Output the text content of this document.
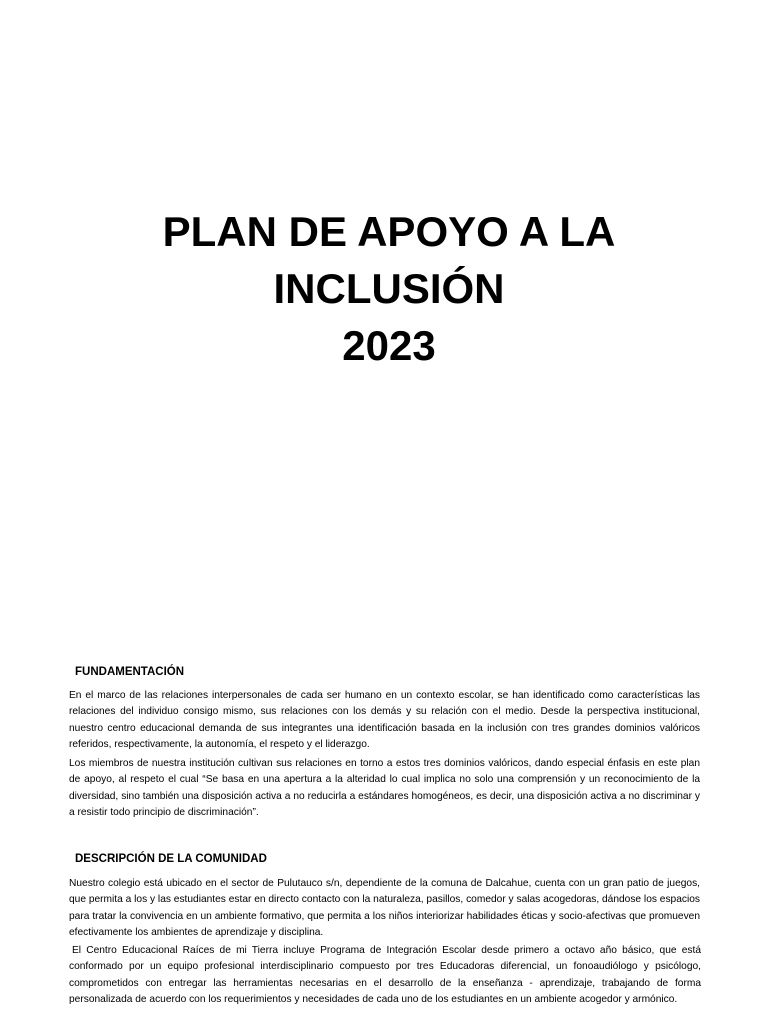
PLAN DE APOYO A LA
INCLUSIÓN
2023
FUNDAMENTACIÓN

En el marco de las relaciones interpersonales de cada ser humano en un contexto escolar, se han identificado como características las relaciones del individuo consigo mismo, sus relaciones con los demás y su relación con el medio. Desde la perspectiva institucional, nuestro centro educacional demanda de sus integrantes una identificación basada en la inclusión con tres grandes dominios valóricos referidos, respectivamente, la autonomía, el respeto y el liderazgo.

Los miembros de nuestra institución cultivan sus relaciones en torno a estos tres dominios valóricos, dando especial énfasis en este plan de apoyo, al respeto el cual “Se basa en una apertura a la alteridad lo cual implica no solo una comprensión y un reconocimiento de la diversidad, sino también una disposición activa a no reducirla a estándares homogéneos, es decir, una disposición activa a no discriminar y a resistir todo principio de discriminación”.

DESCRIPCIÓN DE LA COMUNIDAD

Nuestro colegio está ubicado en el sector de Pulutauco s/n, dependiente de la comuna de Dalcahue, cuenta con un gran patio de juegos, que permita a los y las estudiantes estar en directo contacto con la naturaleza, pasillos, comedor y salas acogedoras, dándose los espacios para tratar la convivencia en un ambiente formativo, que permita a los niños interiorizar habilidades éticas y socio-afectivas que promueven efectivamente los ambientes de aprendizaje y disciplina.

El Centro Educacional Raíces de mi Tierra incluye Programa de Integración Escolar desde primero a octavo año básico, que está conformado por un equipo profesional interdisciplinario compuesto por tres Educadoras diferencial, un fonoaudiólogo y psicólogo, comprometidos con entregar las herramientas necesarias en el desarrollo de la enseñanza - aprendizaje, trabajando de forma personalizada de acuerdo con los requerimientos y necesidades de cada uno de los estudiantes en un ambiente acogedor y armónico.
